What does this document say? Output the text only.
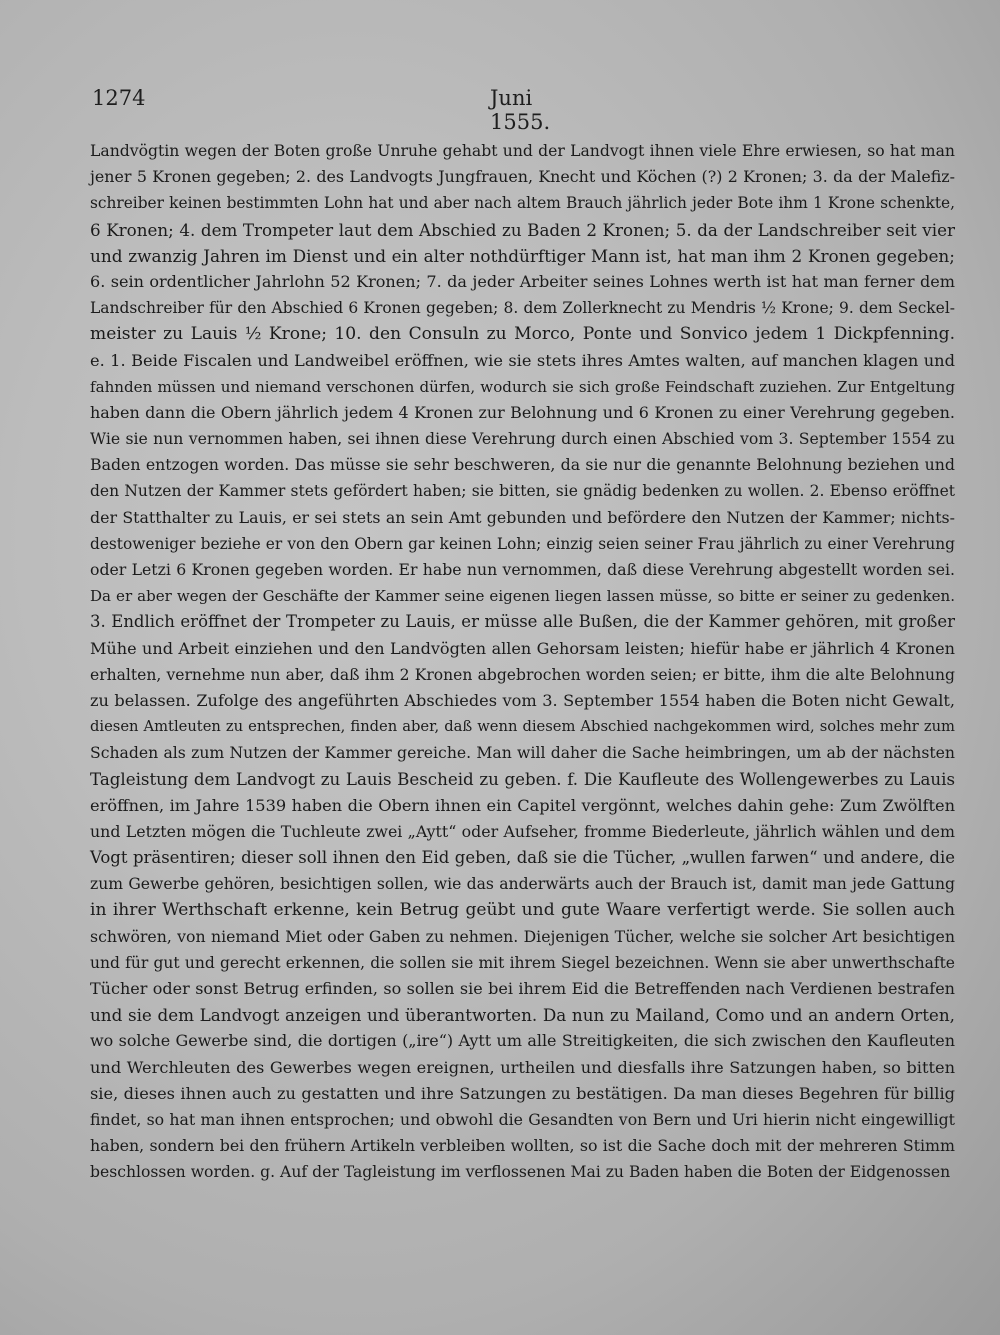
1274	Juni 1555.
Landvögtin wegen der Boten große Unruhe gehabt und der Landvogt ihnen viele Ehre erwiesen, so hat man
jener 5 Kronen gegeben; 2. des Landvogts Jungfrauen, Knecht und Köchen (?) 2 Kronen; 3. da der Malefiz-
schreiber keinen bestimmten Lohn hat und aber nach altem Brauch jährlich jeder Bote ihm 1 Krone schenkte,
6 Kronen; 4. dem Trompeter laut dem Abschied zu Baden 2 Kronen; 5. da der Landschreiber seit vier
und zwanzig Jahren im Dienst und ein alter nothdürftiger Mann ist, hat man ihm 2 Kronen gegeben;
6. sein ordentlicher Jahrlohn 52 Kronen; 7. da jeder Arbeiter seines Lohnes werth ist hat man ferner dem
Landschreiber für den Abschied 6 Kronen gegeben; 8. dem Zollerknecht zu Mendris ½ Krone; 9. dem Seckel-
meister zu Lauis ½ Krone; 10. den Consuln zu Morco, Ponte und Sonvico jedem 1 Dickpfenning.
e. 1. Beide Fiscalen und Landweibel eröffnen, wie sie stets ihres Amtes walten, auf manchen klagen und
fahnden müssen und niemand verschonen dürfen, wodurch sie sich große Feindschaft zuziehen. Zur Entgeltung
haben dann die Obern jährlich jedem 4 Kronen zur Belohnung und 6 Kronen zu einer Verehrung gegeben.
Wie sie nun vernommen haben, sei ihnen diese Verehrung durch einen Abschied vom 3. September 1554 zu
Baden entzogen worden. Das müsse sie sehr beschweren, da sie nur die genannte Belohnung beziehen und
den Nutzen der Kammer stets gefördert haben; sie bitten, sie gnädig bedenken zu wollen. 2. Ebenso eröffnet
der Statthalter zu Lauis, er sei stets an sein Amt gebunden und befördere den Nutzen der Kammer; nichts-
destoweniger beziehe er von den Obern gar keinen Lohn; einzig seien seiner Frau jährlich zu einer Verehrung
oder Letzi 6 Kronen gegeben worden. Er habe nun vernommen, daß diese Verehrung abgestellt worden sei.
Da er aber wegen der Geschäfte der Kammer seine eigenen liegen lassen müsse, so bitte er seiner zu gedenken.
3. Endlich eröffnet der Trompeter zu Lauis, er müsse alle Bußen, die der Kammer gehören, mit großer
Mühe und Arbeit einziehen und den Landvögten allen Gehorsam leisten; hiefür habe er jährlich 4 Kronen
erhalten, vernehme nun aber, daß ihm 2 Kronen abgebrochen worden seien; er bitte, ihm die alte Belohnung
zu belassen. Zufolge des angeführten Abschiedes vom 3. September 1554 haben die Boten nicht Gewalt,
diesen Amtleuten zu entsprechen, finden aber, daß wenn diesem Abschied nachgekommen wird, solches mehr zum
Schaden als zum Nutzen der Kammer gereiche. Man will daher die Sache heimbringen, um ab der nächsten
Tagleistung dem Landvogt zu Lauis Bescheid zu geben. f. Die Kaufleute des Wollengewerbes zu Lauis
eröffnen, im Jahre 1539 haben die Obern ihnen ein Capitel vergönnt, welches dahin gehe: Zum Zwölften
und Letzten mögen die Tuchleute zwei „Aytt“ oder Aufseher, fromme Biederleute, jährlich wählen und dem
Vogt präsentiren; dieser soll ihnen den Eid geben, daß sie die Tücher, „wullen farwen“ und andere, die
zum Gewerbe gehören, besichtigen sollen, wie das anderwärts auch der Brauch ist, damit man jede Gattung
in ihrer Werthschaft erkenne, kein Betrug geübt und gute Waare verfertigt werde. Sie sollen auch
schwören, von niemand Miet oder Gaben zu nehmen. Diejenigen Tücher, welche sie solcher Art besichtigen
und für gut und gerecht erkennen, die sollen sie mit ihrem Siegel bezeichnen. Wenn sie aber unwerthschafte
Tücher oder sonst Betrug erfinden, so sollen sie bei ihrem Eid die Betreffenden nach Verdienen bestrafen
und sie dem Landvogt anzeigen und überantworten. Da nun zu Mailand, Como und an andern Orten,
wo solche Gewerbe sind, die dortigen („ire“) Aytt um alle Streitigkeiten, die sich zwischen den Kaufleuten
und Werchleuten des Gewerbes wegen ereignen, urtheilen und diesfalls ihre Satzungen haben, so bitten
sie, dieses ihnen auch zu gestatten und ihre Satzungen zu bestätigen. Da man dieses Begehren für billig
findet, so hat man ihnen entsprochen; und obwohl die Gesandten von Bern und Uri hierin nicht eingewilligt
haben, sondern bei den frühern Artikeln verbleiben wollten, so ist die Sache doch mit der mehreren Stimm
beschlossen worden. g. Auf der Tagleistung im verflossenen Mai zu Baden haben die Boten der Eidgenossen
